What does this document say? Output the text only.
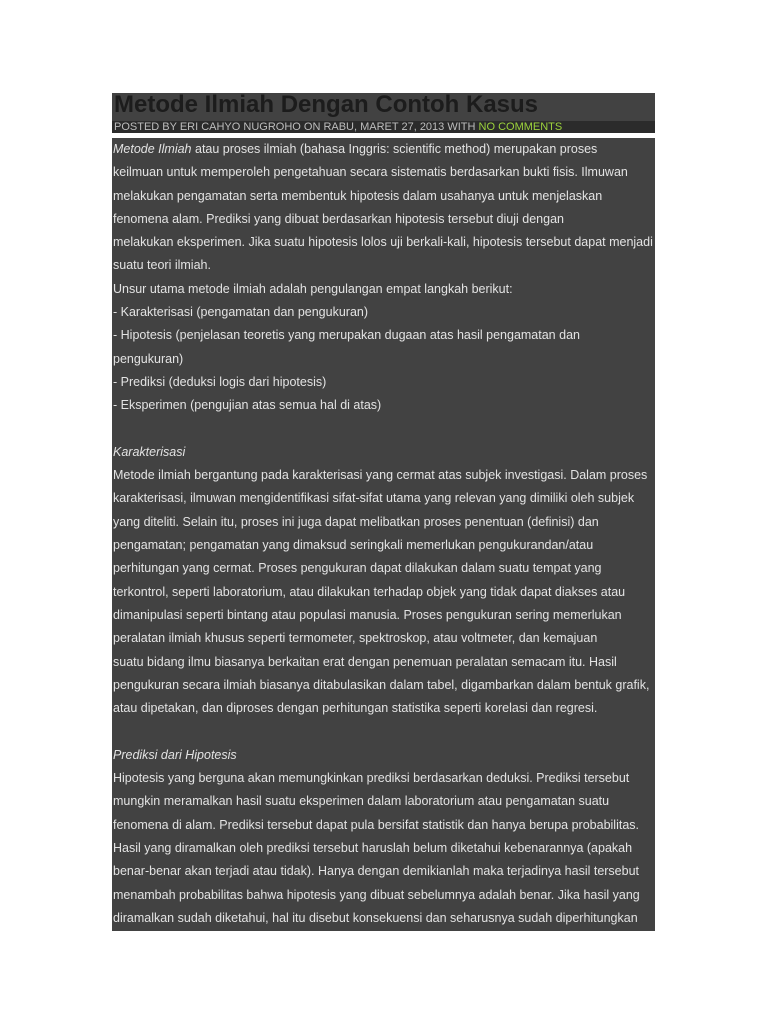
Metode Ilmiah Dengan Contoh Kasus
POSTED BY ERI CAHYO NUGROHO ON RABU, MARET 27, 2013 WITH NO COMMENTS
Metode Ilmiah atau proses ilmiah (bahasa Inggris: scientific method) merupakan proses
keilmuan untuk memperoleh pengetahuan secara sistematis berdasarkan bukti fisis. Ilmuwan
melakukan pengamatan serta membentuk hipotesis dalam usahanya untuk menjelaskan
fenomena alam. Prediksi yang dibuat berdasarkan hipotesis tersebut diuji dengan
melakukan eksperimen. Jika suatu hipotesis lolos uji berkali-kali, hipotesis tersebut dapat menjadi
suatu teori ilmiah.
Unsur utama metode ilmiah adalah pengulangan empat langkah berikut:
- Karakterisasi (pengamatan dan pengukuran)
- Hipotesis (penjelasan teoretis yang merupakan dugaan atas hasil pengamatan dan
pengukuran)
- Prediksi (deduksi logis dari hipotesis)
- Eksperimen (pengujian atas semua hal di atas)
Karakterisasi
Metode ilmiah bergantung pada karakterisasi yang cermat atas subjek investigasi. Dalam proses
karakterisasi, ilmuwan mengidentifikasi sifat-sifat utama yang relevan yang dimiliki oleh subjek
yang diteliti. Selain itu, proses ini juga dapat melibatkan proses penentuan (definisi) dan
pengamatan; pengamatan yang dimaksud seringkali memerlukan pengukurandan/atau
perhitungan yang cermat. Proses pengukuran dapat dilakukan dalam suatu tempat yang
terkontrol, seperti laboratorium, atau dilakukan terhadap objek yang tidak dapat diakses atau
dimanipulasi seperti bintang atau populasi manusia. Proses pengukuran sering memerlukan
peralatan ilmiah khusus seperti termometer, spektroskop, atau voltmeter, dan kemajuan
suatu bidang ilmu biasanya berkaitan erat dengan penemuan peralatan semacam itu. Hasil
pengukuran secara ilmiah biasanya ditabulasikan dalam tabel, digambarkan dalam bentuk grafik,
atau dipetakan, dan diproses dengan perhitungan statistika seperti korelasi dan regresi.
Prediksi dari Hipotesis
Hipotesis yang berguna akan memungkinkan prediksi berdasarkan deduksi. Prediksi tersebut
mungkin meramalkan hasil suatu eksperimen dalam laboratorium atau pengamatan suatu
fenomena di alam. Prediksi tersebut dapat pula bersifat statistik dan hanya berupa probabilitas.
Hasil yang diramalkan oleh prediksi tersebut haruslah belum diketahui kebenarannya (apakah
benar-benar akan terjadi atau tidak). Hanya dengan demikianlah maka terjadinya hasil tersebut
menambah probabilitas bahwa hipotesis yang dibuat sebelumnya adalah benar. Jika hasil yang
diramalkan sudah diketahui, hal itu disebut konsekuensi dan seharusnya sudah diperhitungkan
